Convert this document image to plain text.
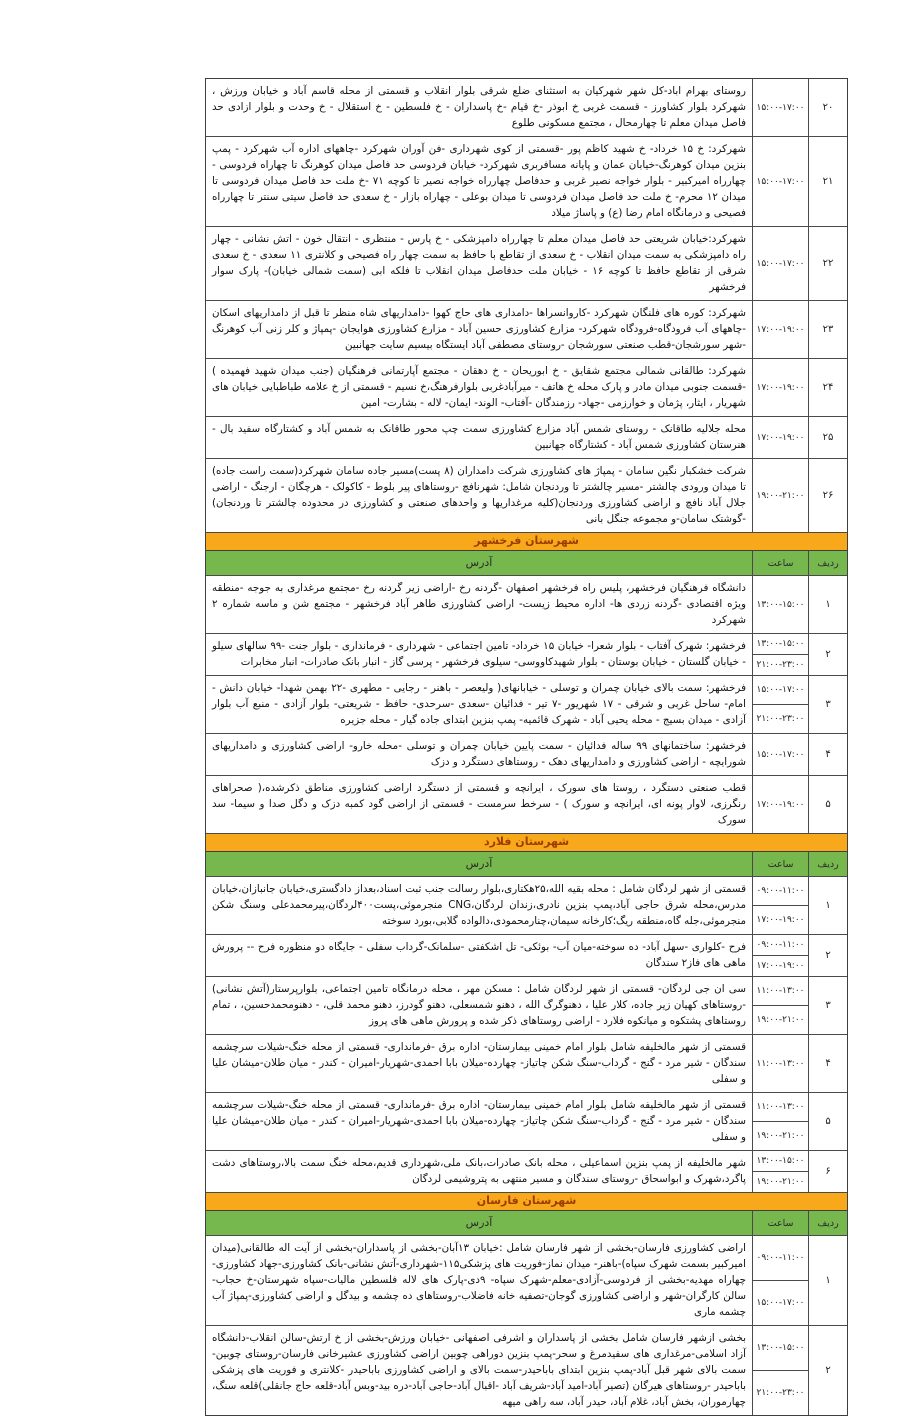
۲۰
۱۵:۰۰-۱۷:۰۰
روستای بهرام اباد-کل شهر شهرکیان به استثنای ضلع شرقی بلوار انقلاب و قسمتی از محله قاسم آباد و خیابان ورزش ، شهرکرد بلوار کشاورز - قسمت غربی خ ابوذر -خ قیام -خ پاسداران - خ فلسطین - خ استقلال - خ وحدت و بلوار ازادی حد فاصل میدان معلم تا چهارمحال ، مجتمع مسکونی طلوع
۲۱
۱۵:۰۰-۱۷:۰۰
شهرکرد: خ ۱۵ خرداد- خ شهید کاظم پور -قسمتی از کوی شهرداری -فن آوران شهرکرد -چاههای اداره آب شهرکرد - پمپ بنزین میدان کوهرنگ-خیابان عمان و پایانه مسافربری شهرکرد- خیابان فردوسی حد فاصل میدان کوهرنگ تا چهاراه فردوسی - چهارراه امیرکبیر - بلوار خواجه نصیر غربی و حدفاصل چهارراه خواجه نصیر تا کوچه ۷۱ -خ ملت حد فاصل میدان فردوسی تا میدان ۱۲ محرم- خ ملت حد فاصل میدان فردوسی تا میدان بوعلی - چهاراه بازار - خ سعدی حد فاصل سیتی سنتر تا چهارراه فصیحی و درمانگاه امام رضا (ع) و پاساژ میلاد
۲۲
۱۵:۰۰-۱۷:۰۰
شهرکرد:خیابان شریعتی حد فاصل میدان معلم تا چهارراه دامپزشکی - خ پارس - منتظری - انتقال خون - اتش نشانی - چهار راه دامپزشکی به سمت میدان انقلاب - خ سعدی از تقاطع با حافظ به سمت چهار راه فصیحی و کلانتری ۱۱ سعدی - خ سعدی شرقی از تقاطع حافظ تا کوچه ۱۶ - خیابان ملت حدفاصل میدان انقلاب تا فلکه ابی (سمت شمالی خیابان)- پارک سوار فرخشهر
۲۳
۱۷:۰۰-۱۹:۰۰
شهرکرد: کوره های فلنگان شهرکرد -کاروانسراها -دامداری های حاج کهوا -دامداریهای شاه منظر تا قبل از دامداریهای اسکان -چاههای آب فرودگاه-فرودگاه شهرکرد- مزارع کشاورزی حسین آباد - مزارع کشاورزی هوایجان -پمپاژ و کلر زنی آب کوهرنگ -شهر سورشجان-قطب صنعتی سورشجان -روستای مصطفی آباد ایستگاه بیسیم سایت جهانبین
۲۴
۱۷:۰۰-۱۹:۰۰
شهرکرد: طالقانی شمالی مجتمع شقایق - خ ابوریحان - خ دهقان - مجتمع آپارتمانی فرهنگیان (جنب میدان شهید فهمیده ) -قسمت جنوبی میدان مادر و پارک محله خ هاتف - میرآبادغربی بلوارفرهنگ،خ نسیم - قسمتی از خ علامه طباطبایی خیابان های شهریار ، ایثار، پژمان و خوارزمی -جهاد- رزمندگان -آفتاب- الوند- ایمان- لاله - بشارت- امین
۲۵
۱۷:۰۰-۱۹:۰۰
محله جلالیه طاقانک - روستای شمس آباد مزارع کشاورزی سمت چپ محور طاقانک به شمس آباد و کشتارگاه سفید بال - هنرستان کشاورزی شمس آباد - کشتارگاه جهانبین
۲۶
۱۹:۰۰-۲۱:۰۰
شرکت خشکبار نگین سامان - پمپاژ های کشاورزی شرکت دامداران (۸ پست)مسیر جاده سامان شهرکرد(سمت راست جاده) تا میدان ورودی چالشتر -مسیر چالشتر تا وردنجان شامل: شهرنافچ -روستاهای پیر بلوط - کاکولک - هرچگان - ارجنگ - اراضی جلال آباد نافچ و اراضی کشاورزی وردنجان(کلیه مرغداریها و واحدهای صنعتی و کشاورزی در محدوده چالشتر تا وردنجان) -گوشتک سامان-و مجموعه جنگل بانی
شهرستان فرخشهر
ردیف
ساعت
آدرس
۱
۱۳:۰۰-۱۵:۰۰
دانشگاه فرهنگیان فرخشهر، پلیس راه فرخشهر اصفهان -گردنه رخ -اراضی زیر گردنه رخ -مجتمع مرغداری به جوجه -منطقه ویژه اقتصادی -گردنه زردی ها- اداره محیط زیست- اراضی کشاورزی طاهر آباد فرخشهر - مجتمع شن و ماسه شماره ۲ شهرکرد
۲
۱۳:۰۰-۱۵:۰۰
۲۱:۰۰-۲۳:۰۰
فرخشهر: شهرک آفتاب - بلوار شعرا- خیابان ۱۵ خرداد- تامین اجتماعی - شهرداری - فرمانداری - بلوار جنت -۹۹ سالهای سیلو - خیابان گلستان - خیابان بوستان - بلوار شهیدکاووسی- سیلوی فرخشهر - پرسی گاز - انبار بانک صادرات- انبار مخابرات
۳
۱۵:۰۰-۱۷:۰۰
۲۱:۰۰-۲۳:۰۰
فرخشهر: سمت بالای خیابان چمران و توسلی - خیابانهای( ولیعصر - باهنر - رجایی - مطهری -۲۲ بهمن شهدا- خیابان دانش - امام- ساحل غربی و شرقی - ۱۷ شهریور -۷ تیر - فدائیان -سعدی -سرحدی- حافظ - شریعتی- بلوار آزادی - منبع آب بلوار آزادی - میدان بسیج - محله یحیی آباد - شهرک قائمیه- پمپ بنزین ابتدای جاده گیار - محله جزیره
۴
۱۵:۰۰-۱۷:۰۰
فرخشهر: ساختمانهای ۹۹ ساله فدائیان - سمت پایین خیابان چمران و توسلی -محله خارو- اراضی کشاورزی و دامداریهای شورایچه - اراضی کشاورزی و دامداریهای دهک - روستاهای دستگرد و دزک
۵
۱۷:۰۰-۱۹:۰۰
قطب صنعتی دستگرد ، روستا های سورک ، ایرانچه و قسمتی از دستگرد اراضی کشاورزی مناطق ذکرشده،( صحراهای رنگرزی، لاوار پونه ای، ایرانچه و سورک ) - سرخط سرمست - قسمتی از اراضی گود کمبه دزک و دگل صدا و سیما- سد سورک
شهرستان فلارد
ردیف
ساعت
آدرس
۱
۰۹:۰۰-۱۱:۰۰
۱۷:۰۰-۱۹:۰۰
قسمتی از شهر لردگان شامل : محله بقیه الله،۲۵هکتاری،بلوار رسالت جنب ثبت اسناد،بعداز دادگستری،خیابان جانبازان،خیابان مدرس،محله شرق حاجی آباد،پمپ بنزین نادری،زندان لردگان،CNG منجرموئی،پست۴۰۰لردگان،پیرمحمدعلی وسنگ شکن منجرموئی،جله گاه،منطقه ریگ؛کارخانه سیمان،چنارمحمودی،دالواده گلابی،بورد سوخته
۲
۰۹:۰۰-۱۱:۰۰
۱۷:۰۰-۱۹:۰۰
فرح -کلواری -سهل آباد- ده سوخته-میان آب- بوئکی- تل اشکفتی -سلمانک-گرداب سفلی - جایگاه دو منظوره فرح -- پرورش ماهی های فاز۲ سندگان
۳
۱۱:۰۰-۱۳:۰۰
۱۹:۰۰-۲۱:۰۰
سی ان جی لردگان- قسمتی از شهر لردگان شامل : مسکن مهر ، محله درمانگاه تامین اجتماعی، بلوارپرستار(آتش نشانی) -روستاهای کهیان زیر جاده، کلار علیا ، دهنوگرگ الله ، دهنو شمسعلی، دهنو گودرز، دهنو محمد قلی، - دهنومحمدحسین، ، تمام روستاهای پشتکوه و میانکوه فلارد - اراضی روستاهای ذکر شده و پرورش ماهی های پروز
۴
۱۱:۰۰-۱۳:۰۰
قسمتی از شهر مالخلیفه شامل بلوار امام خمینی بیمارستان- اداره برق -فرمانداری- قسمتی از محله خنگ-شیلات سرچشمه سندگان - شیر مرد - گنج - گرداب-سنگ شکن چاتیاز- چهارده-میلان بابا احمدی-شهریار-امیران - کندر - میان طلان-میشان علیا و سفلی
۵
۱۱:۰۰-۱۳:۰۰
۱۹:۰۰-۲۱:۰۰
قسمتی از شهر مالخلیفه شامل بلوار امام خمینی بیمارستان- اداره برق -فرمانداری- قسمتی از محله خنگ-شیلات سرچشمه سندگان - شیر مرد - گنج - گرداب-سنگ شکن چاتیاز- چهارده-میلان بابا احمدی-شهریار-امیران - کندر - میان طلان-میشان علیا و سفلی
۶
۱۳:۰۰-۱۵:۰۰
۱۹:۰۰-۲۱:۰۰
شهر مالخلیفه از پمپ بنزین اسماعیلی ، محله بانک صادرات،بانک ملی،شهرداری قدیم،محله خنگ سمت بالا،روستاهای دشت پاگرد،شهرک و ابواسحاق -روستای سندگان و مسیر منتهی به پتروشیمی لردگان
شهرستان فارسان
ردیف
ساعت
آدرس
۱
۰۹:۰۰-۱۱:۰۰
۱۵:۰۰-۱۷:۰۰
اراضی کشاورزی فارسان-بخشی از شهر فارسان شامل :خیابان ۱۳آبان-بخشی از پاسداران-بخشی از آیت اله طالقانی(میدان امیرکبیر بسمت شهرک سپاه)-باهنر- میدان نماز-فوریت های پزشکی۱۱۵-شهرداری-آتش نشانی-بانک کشاورزی-جهاد کشاورزی-چهاراه مهدیه-بخشی از فردوسی-آزادی-معلم-شهرک سپاه- ۹دی-پارک های لاله فلسطین مالیات-سپاه شهرستان-خ حجاب-سالن کارگران-شهر و اراضی کشاورزی گوجان-تصفیه خانه فاضلاب-روستاهای ده چشمه و بیدگل و اراضی کشاورزی-پمپاژ آب چشمه ماری
۲
۱۳:۰۰-۱۵:۰۰
۲۱:۰۰-۲۳:۰۰
بخشی ازشهر فارسان شامل بخشی از پاسداران و اشرفی اصفهانی -خیابان ورزش-بخشی از خ ارتش-سالن انقلاب-دانشگاه آزاد اسلامی-مرغداری های سفیدمرغ و سحر-پمپ بنزین دوراهی چوبین اراضی کشاورزی عشیرخانی فارسان-روستای چوبین-سمت بالای شهر قبل آباد-پمپ بنزین ابتدای باباحیدر-سمت بالای و اراضی کشاورزی باباحیدر -کلانتری و فوریت های پزشکی باباحیدر -روستاهای هیرگان (تصیر آباد-امید آباد-شریف آباد -اقبال آباد-حاجی آباد-دره بید-وبس آباد-قلعه حاج جانقلی)قلعه سنگ، چهارموران، بخش آباد، غلام آباد، حیدر آباد، سه راهی میهه
